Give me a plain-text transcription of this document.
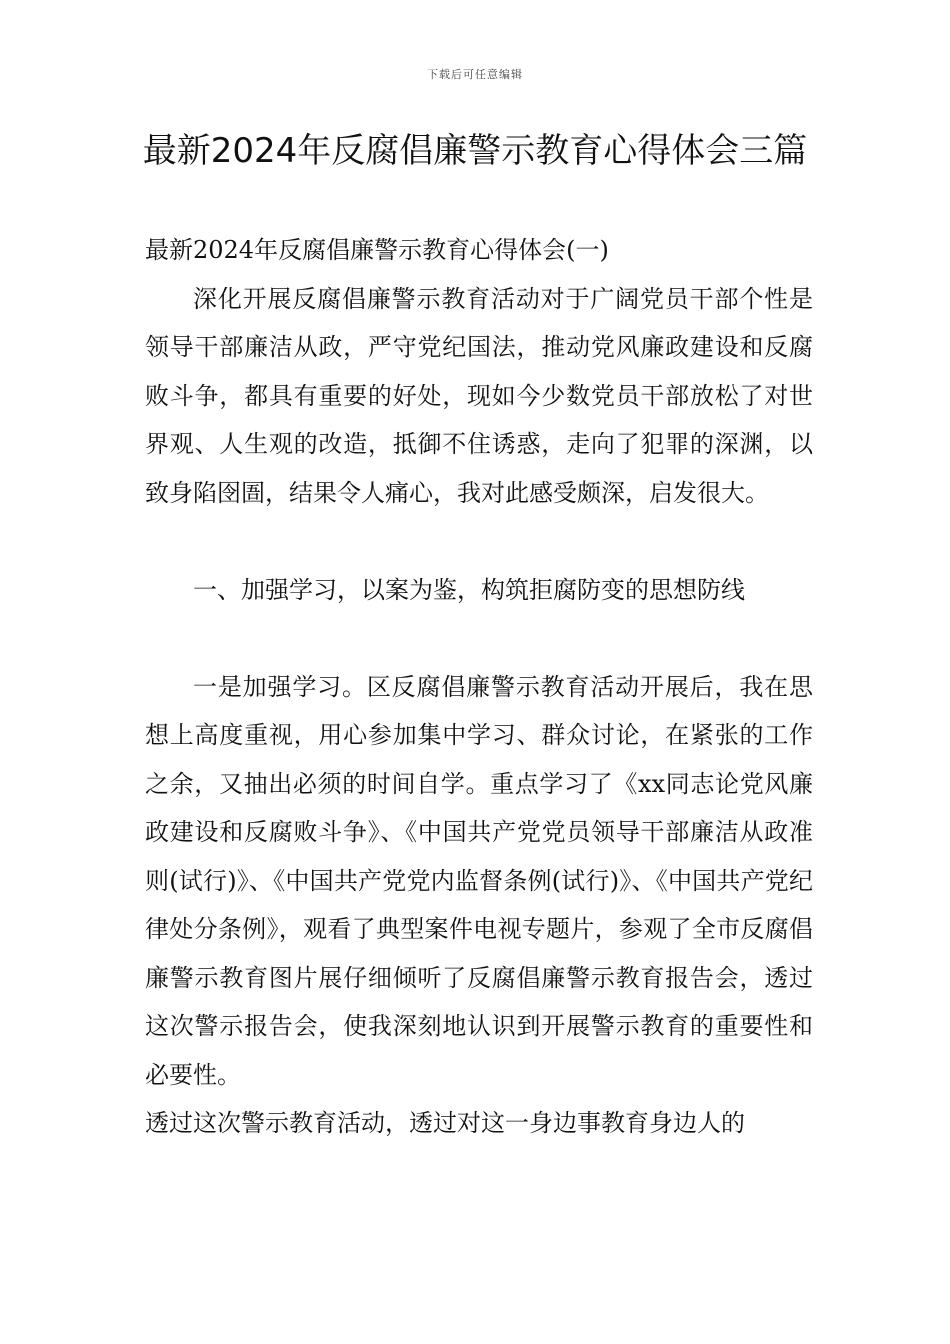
下载后可任意编辑
最新2024年反腐倡廉警示教育心得体会三篇

最新2024年反腐倡廉警示教育心得体会(一)

深化开展反腐倡廉警示教育活动对于广阔党员干部个性是领导干部廉洁从政，严守党纪国法，推动党风廉政建设和反腐败斗争，都具有重要的好处，现如今少数党员干部放松了对世界观、人生观的改造，抵御不住诱惑，走向了犯罪的深渊，以致身陷囹圄，结果令人痛心，我对此感受颇深，启发很大。

一、加强学习，以案为鉴，构筑拒腐防变的思想防线

一是加强学习。区反腐倡廉警示教育活动开展后，我在思想上高度重视，用心参加集中学习、群众讨论，在紧张的工作之余，又抽出必须的时间自学。重点学习了《xx同志论党风廉政建设和反腐败斗争》、《中国共产党党员领导干部廉洁从政准则(试行)》、《中国共产党党内监督条例(试行)》、《中国共产党纪律处分条例》，观看了典型案件电视专题片，参观了全市反腐倡廉警示教育图片展仔细倾听了反腐倡廉警示教育报告会，透过这次警示报告会，使我深刻地认识到开展警示教育的重要性和必要性。

透过这次警示教育活动，透过对这一身边事教育身边人的
